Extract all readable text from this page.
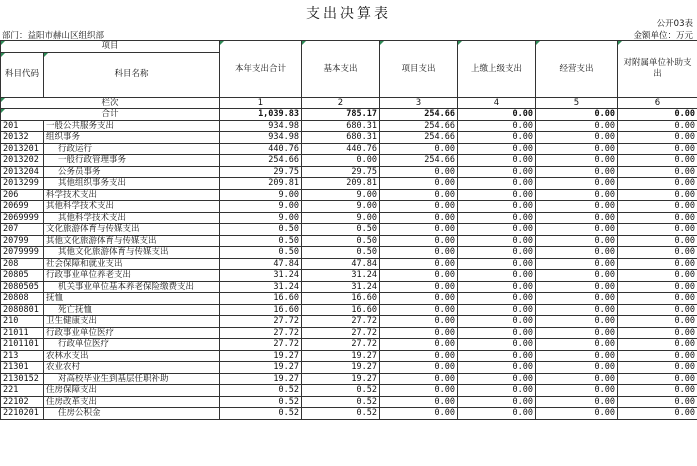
支出决算表
公开03表
部门：益阳市赫山区组织部	金额单位：万元
项目		本年支出合计	基本支出	项目支出	上缴上级支出	经营支出	对附属单位补助支出
科目代码	科目名称						
栏次		1	2	3	4	5	6
合计		1,039.83	785.17	254.66	0.00	0.00	0.00
201	一般公共服务支出	934.98	680.31	254.66	0.00	0.00	0.00
20132	组织事务	934.98	680.31	254.66	0.00	0.00	0.00
2013201	行政运行	440.76	440.76	0.00	0.00	0.00	0.00
2013202	一般行政管理事务	254.66	0.00	254.66	0.00	0.00	0.00
2013204	公务员事务	29.75	29.75	0.00	0.00	0.00	0.00
2013299	其他组织事务支出	209.81	209.81	0.00	0.00	0.00	0.00
206	科学技术支出	9.00	9.00	0.00	0.00	0.00	0.00
20699	其他科学技术支出	9.00	9.00	0.00	0.00	0.00	0.00
2069999	其他科学技术支出	9.00	9.00	0.00	0.00	0.00	0.00
207	文化旅游体育与传媒支出	0.50	0.50	0.00	0.00	0.00	0.00
20799	其他文化旅游体育与传媒支出	0.50	0.50	0.00	0.00	0.00	0.00
2079999	其他文化旅游体育与传媒支出	0.50	0.50	0.00	0.00	0.00	0.00
208	社会保障和就业支出	47.84	47.84	0.00	0.00	0.00	0.00
20805	行政事业单位养老支出	31.24	31.24	0.00	0.00	0.00	0.00
2080505	机关事业单位基本养老保险缴费支出	31.24	31.24	0.00	0.00	0.00	0.00
20808	抚恤	16.60	16.60	0.00	0.00	0.00	0.00
2080801	死亡抚恤	16.60	16.60	0.00	0.00	0.00	0.00
210	卫生健康支出	27.72	27.72	0.00	0.00	0.00	0.00
21011	行政事业单位医疗	27.72	27.72	0.00	0.00	0.00	0.00
2101101	行政单位医疗	27.72	27.72	0.00	0.00	0.00	0.00
213	农林水支出	19.27	19.27	0.00	0.00	0.00	0.00
21301	农业农村	19.27	19.27	0.00	0.00	0.00	0.00
2130152	对高校毕业生到基层任职补助	19.27	19.27	0.00	0.00	0.00	0.00
221	住房保障支出	0.52	0.52	0.00	0.00	0.00	0.00
22102	住房改革支出	0.52	0.52	0.00	0.00	0.00	0.00
2210201	住房公积金	0.52	0.52	0.00	0.00	0.00	0.00
